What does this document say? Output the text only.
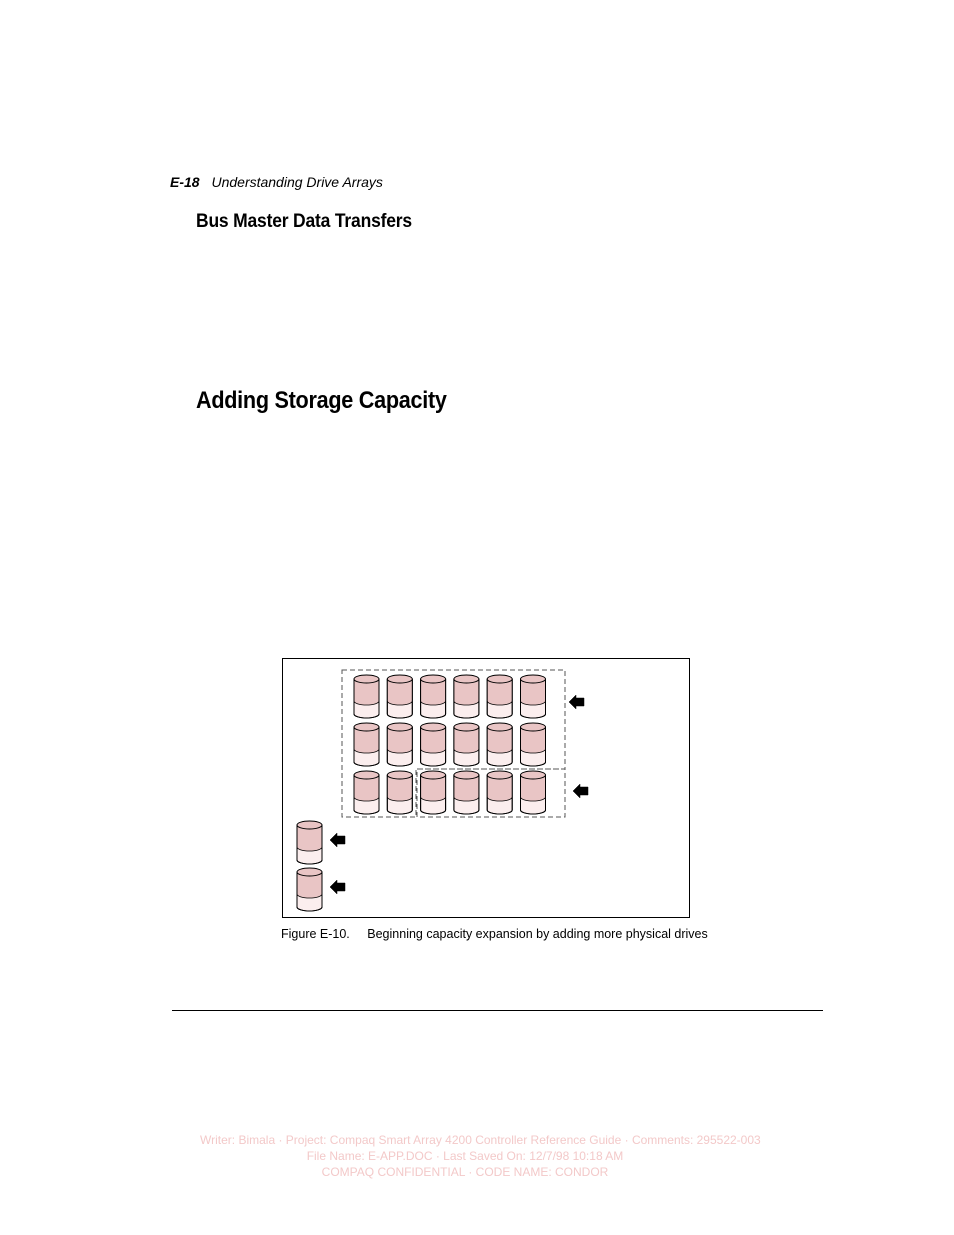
E-18 Understanding Drive Arrays
Bus Master Data Transfers
Adding Storage Capacity
Figure E-10. Beginning capacity expansion by adding more physical drives
Writer: Bimala · Project: Compaq Smart Array 4200 Controller Reference Guide · Comments: 295522-003
File Name: E-APP.DOC · Last Saved On: 12/7/98 10:18 AM
COMPAQ CONFIDENTIAL · CODE NAME: CONDOR
